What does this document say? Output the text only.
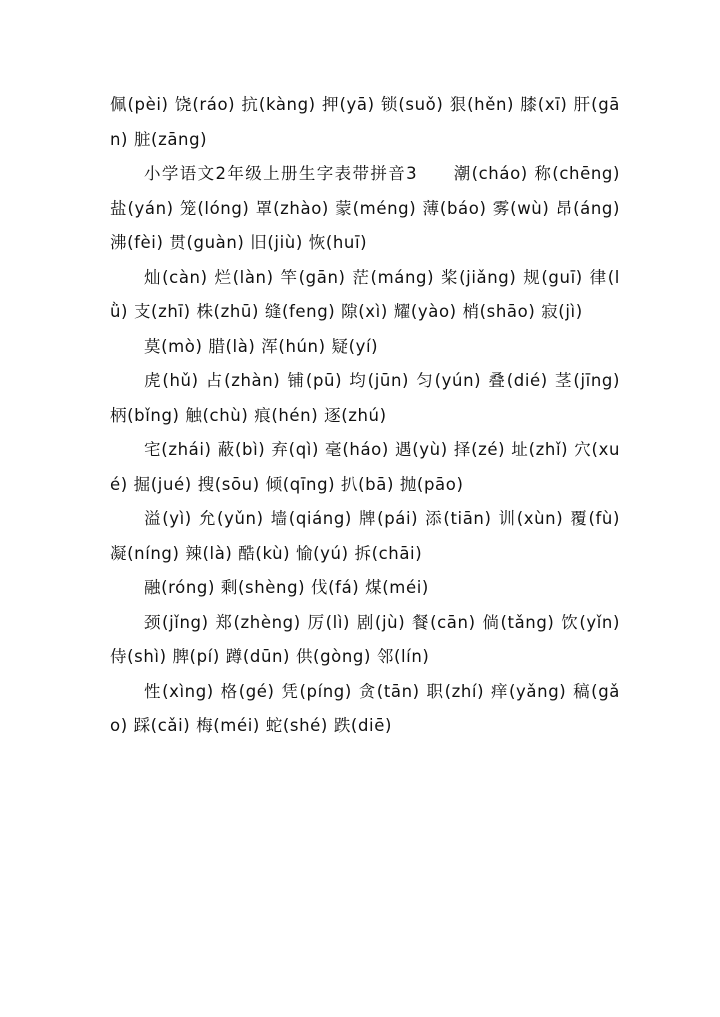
佩(pèi) 饶(ráo) 抗(kàng) 押(yā) 锁(suǒ) 狠(hěn) 膝(xī) 肝(gān) 脏(zāng)

小学语文2年级上册生字表带拼音3　　潮(cháo) 称(chēng) 盐(yán) 笼(lóng) 罩(zhào) 蒙(méng) 薄(báo) 雾(wù) 昂(áng) 沸(fèi) 贯(guàn) 旧(jiù) 恢(huī)

灿(càn) 烂(làn) 竿(gān) 茫(máng) 桨(jiǎng) 规(guī) 律(lǜ) 支(zhī) 株(zhū) 缝(feng) 隙(xì) 耀(yào) 梢(shāo) 寂(jì)

莫(mò) 腊(là) 浑(hún) 疑(yí)

虎(hǔ) 占(zhàn) 铺(pū) 均(jūn) 匀(yún) 叠(dié) 茎(jīng) 柄(bǐng) 触(chù) 痕(hén) 逐(zhú)

宅(zhái) 蔽(bì) 弃(qì) 毫(háo) 遇(yù) 择(zé) 址(zhǐ) 穴(xué) 掘(jué) 搜(sōu) 倾(qīng) 扒(bā) 抛(pāo)

溢(yì) 允(yǔn) 墙(qiáng) 牌(pái) 添(tiān) 训(xùn) 覆(fù) 凝(níng) 辣(là) 酷(kù) 愉(yú) 拆(chāi)

融(róng) 剩(shèng) 伐(fá) 煤(méi)

颈(jǐng) 郑(zhèng) 厉(lì) 剧(jù) 餐(cān) 倘(tǎng) 饮(yǐn) 侍(shì) 脾(pí) 蹲(dūn) 供(gòng) 邻(lín)

性(xìng) 格(gé) 凭(píng) 贪(tān) 职(zhí) 痒(yǎng) 稿(gǎo) 踩(cǎi) 梅(méi) 蛇(shé) 跌(diē)
